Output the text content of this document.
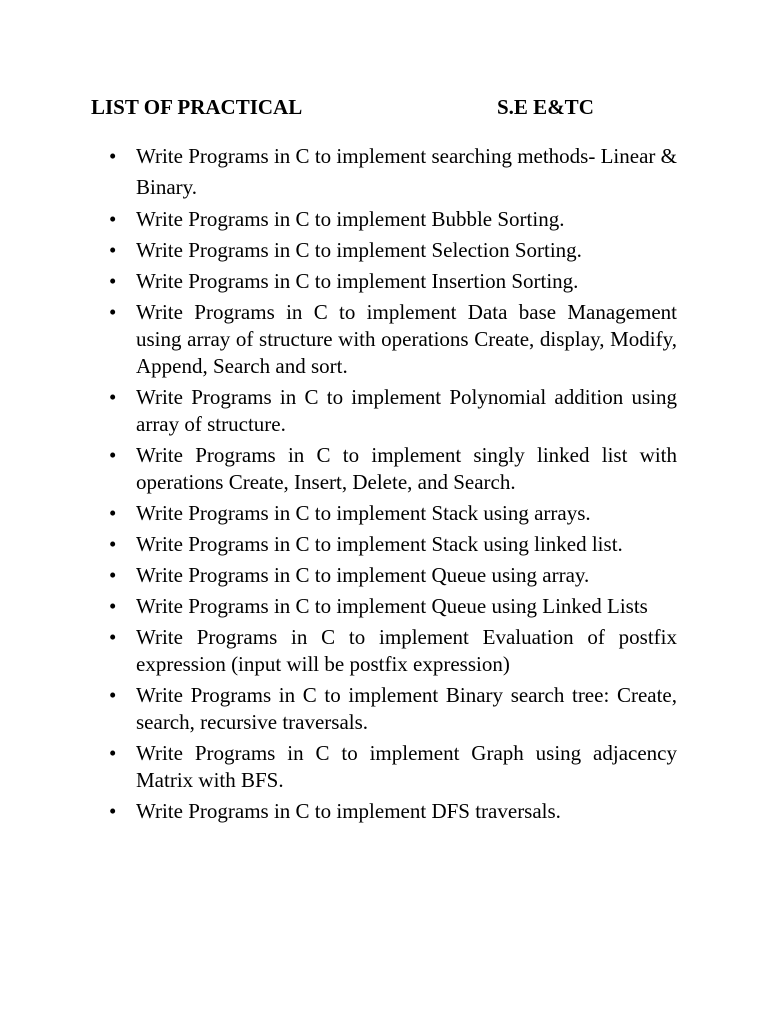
LIST OF PRACTICAL	S.E E&TC
•
Write Programs in C to implement searching methods- Linear & Binary.
•
Write Programs in C to implement Bubble Sorting.
•
Write Programs in C to implement Selection Sorting.
•
Write Programs in C to implement Insertion Sorting.
•
Write Programs in C to implement Data base Management using array of structure with operations Create, display, Modify, Append, Search and sort.
•
Write Programs in C to implement Polynomial addition using array of structure.
•
Write Programs in C to implement singly linked list with operations Create, Insert, Delete, and Search.
•
Write Programs in C to implement Stack using arrays.
•
Write Programs in C to implement Stack using linked list.
•
Write Programs in C to implement Queue using array.
•
Write Programs in C to implement Queue using Linked Lists
•
Write Programs in C to implement Evaluation of postfix expression (input will be postfix expression)
•
Write Programs in C to implement Binary search tree: Create, search, recursive traversals.
•
Write Programs in C to implement Graph using adjacency Matrix with BFS.
•
Write Programs in C to implement DFS traversals.
